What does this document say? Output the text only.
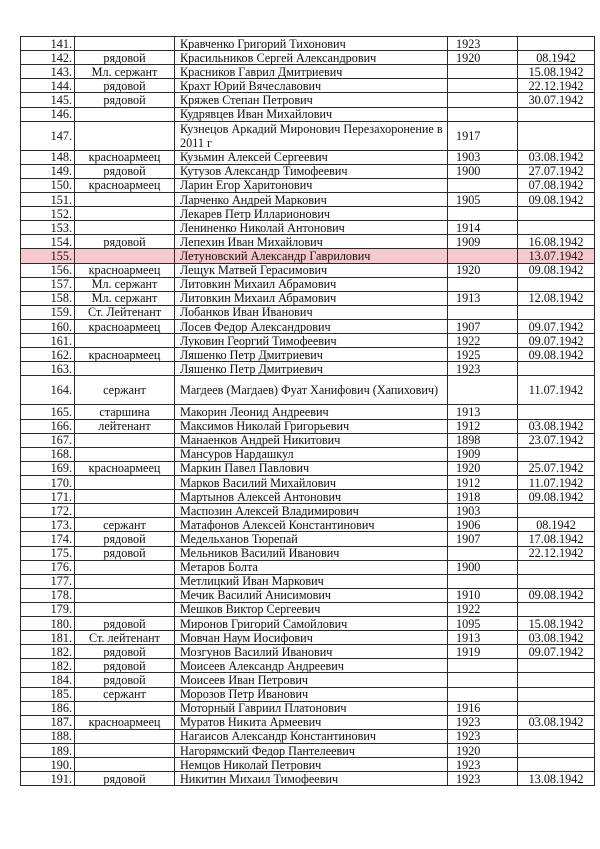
141.		Кравченко Григорий Тихонович	1923	
142.	рядовой	Красильников Сергей Александрович	1920	08.1942
143.	Мл. сержант	Красников Гаврил Дмитриевич		15.08.1942
144.	рядовой	Крахт Юрий Вячеславович		22.12.1942
145.	рядовой	Кряжев Степан Петрович		30.07.1942
146.		Кудрявцев Иван Михайлович		
147.		Кузнецов Аркадий Миронович Перезахоронение в 2011 г	1917	
148.	красноармеец	Кузьмин Алексей Сергеевич	1903	03.08.1942
149.	рядовой	Кутузов Александр Тимофеевич	1900	27.07.1942
150.	красноармеец	Ларин Егор Харитонович		07.08.1942
151.		Ларченко Андрей Маркович	1905	09.08.1942
152.		Лекарев Петр Илларионович		
153.		Лениненко Николай Антонович	1914	
154.	рядовой	Лепехин Иван Михайлович	1909	16.08.1942
155.		Летуновский Александр Гаврилович		13.07.1942
156.	красноармеец	Лещук Матвей Герасимович	1920	09.08.1942
157.	Мл. сержант	Литовкин Михаил Абрамович		
158.	Мл. сержант	Литовкин Михаил Абрамович	1913	12.08.1942
159.	Ст. Лейтенант	Лобанков Иван Иванович		
160.	красноармеец	Лосев Федор Александрович	1907	09.07.1942
161.		Луковин Георгий Тимофеевич	1922	09.07.1942
162.	красноармеец	Ляшенко Петр Дмитриевич	1925	09.08.1942
163.		Ляшенко Петр Дмитриевич	1923	
164.	сержант	Магдеев (Магдаев) Фуат Ханифович (Хапихович)		11.07.1942
165.	старшина	Макорин Леонид Андреевич	1913	
166.	лейтенант	Максимов Николай Григорьевич	1912	03.08.1942
167.		Манаенков Андрей Никитович	1898	23.07.1942
168.		Мансуров Нардашкул	1909	
169.	красноармеец	Маркин Павел Павлович	1920	25.07.1942
170.		Марков Василий Михайлович	1912	11.07.1942
171.		Мартынов Алексей Антонович	1918	09.08.1942
172.		Маспозин Алексей Владимирович	1903	
173.	сержант	Матафонов Алексей Константинович	1906	08.1942
174.	рядовой	Медельханов Тюрепай	1907	17.08.1942
175.	рядовой	Мельников Василий Иванович		22.12.1942
176.		Метаров Болта	1900	
177.		Метлицкий Иван Маркович		
178.		Мечик Василий Анисимович	1910	09.08.1942
179.		Мешков Виктор Сергеевич	1922	
180.	рядовой	Миронов Григорий Самойлович	1095	15.08.1942
181.	Ст. лейтенант	Мовчан Наум Иосифович	1913	03.08.1942
182.	рядовой	Мозгунов Василий Иванович	1919	09.07.1942
182.	рядовой	Моисеев Александр Андреевич		
184.	рядовой	Моисеев Иван Петрович		
185.	сержант	Морозов Петр Иванович		
186.		Моторный Гавриил Платонович	1916	
187.	красноармеец	Муратов Никита Армеевич	1923	03.08.1942
188.		Нагаисов Александр Константинович	1923	
189.		Нагорямский Федор Пантелеевич	1920	
190.		Немцов Николай Петрович	1923	
191.	рядовой	Никитин Михаил Тимофеевич	1923	13.08.1942
